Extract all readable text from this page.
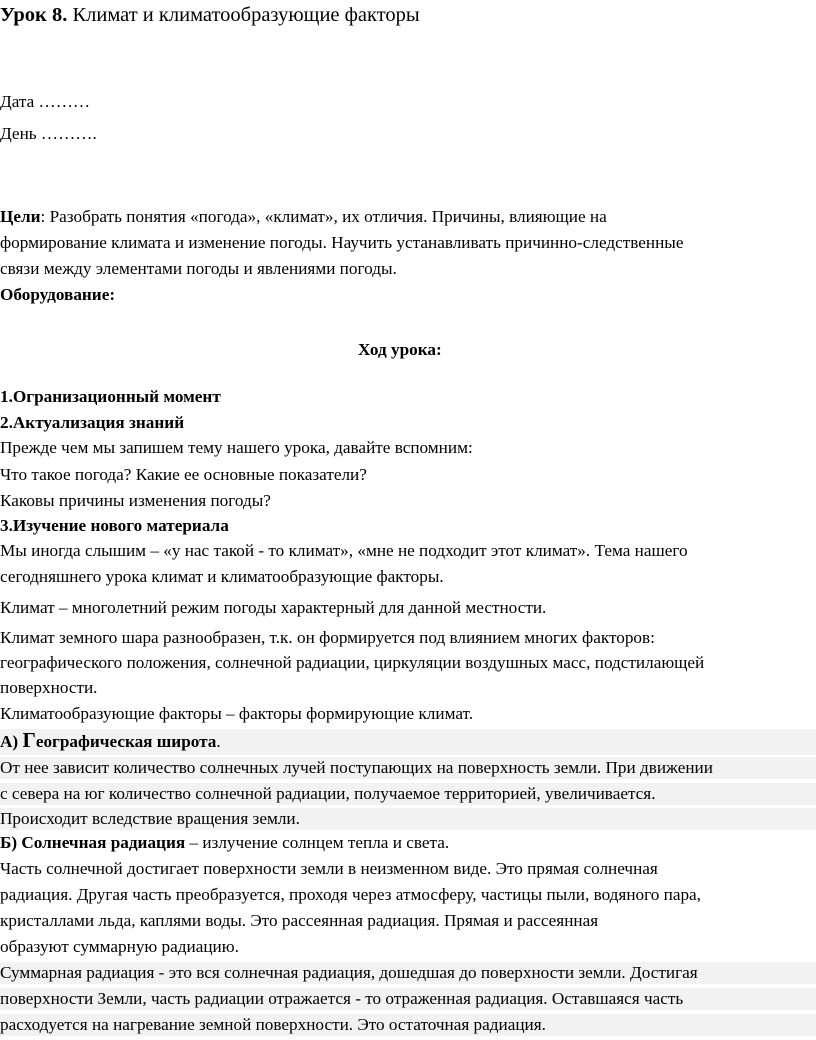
Урок 8. Климат и климатообразующие факторы
Дата ………
День ……….
Цели: Разобрать понятия «погода», «климат», их отличия. Причины, влияющие на
формирование климата и изменение погоды. Научить устанавливать причинно-следственные
связи между элементами погоды и явлениями погоды.
Оборудование:
Ход урока:
1.Огранизационный момент
2.Актуализация знаний
Прежде чем мы запишем тему нашего урока, давайте вспомним:
Что такое погода? Какие ее основные показатели?
Каковы причины изменения погоды?
3.Изучение нового материала
Мы иногда слышим – «у нас такой - то климат», «мне не подходит этот климат». Тема нашего
сегодняшнего урока климат и климатообразующие факторы.
Климат – многолетний режим погоды характерный для данной местности.
Климат земного шара разнообразен, т.к. он формируется под влиянием многих факторов:
географического положения, солнечной радиации, циркуляции воздушных масс, подстилающей
поверхности.
Климатообразующие факторы – факторы формирующие климат.
А) Географическая широта.
От нее зависит количество солнечных лучей поступающих на поверхность земли. При движении
с севера на юг количество солнечной радиации, получаемое территорией, увеличивается.
Происходит вследствие вращения земли.
Б) Солнечная радиация – излучение солнцем тепла и света.
Часть солнечной достигает поверхности земли в неизменном виде. Это прямая солнечная
радиация. Другая часть преобразуется, проходя через атмосферу, частицы пыли, водяного пара,
кристаллами льда, каплями воды. Это рассеянная радиация. Прямая и рассеянная
образуют суммарную радиацию.
Суммарная радиация - это вся солнечная радиация, дошедшая до поверхности земли. Достигая
поверхности Земли, часть радиации отражается - то отраженная радиация. Оставшаяся часть
расходуется на нагревание земной поверхности. Это остаточная радиация.
